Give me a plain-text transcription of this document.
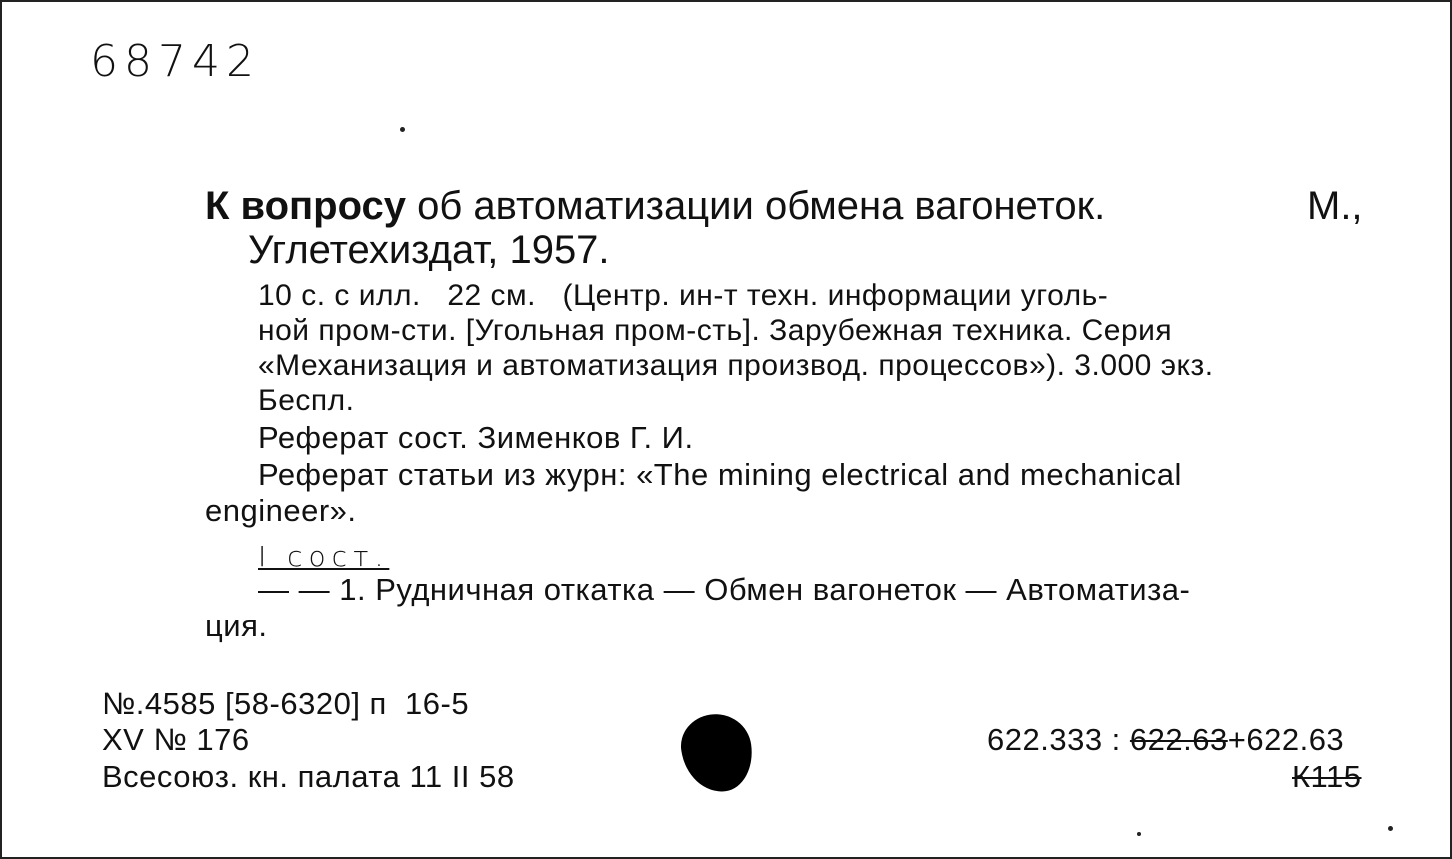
68742
К вопросу об автоматизации обмена вагонеток.	М.,
Углетехиздат, 1957.
10 с. с илл.   22 см.   (Центр. ин-т техн. информации уголь-
ной пром-сти. [Угольная пром-сть]. Зарубежная техника. Серия
«Механизация и автоматизация производ. процессов»). 3.000 экз.
Беспл.
Реферат сост. Зименков Г. И.
Реферат статьи из журн: «The mining electrical and mechanical
engineer».
I сост.
— — 1. Рудничная откатка — Обмен вагонеток — Автоматиза-
ция.
№.4585 [58-6320] п  16-5
XV № 176
Всесоюз. кн. палата 11 II 58
622.333 : 622.63+622.63
К115
